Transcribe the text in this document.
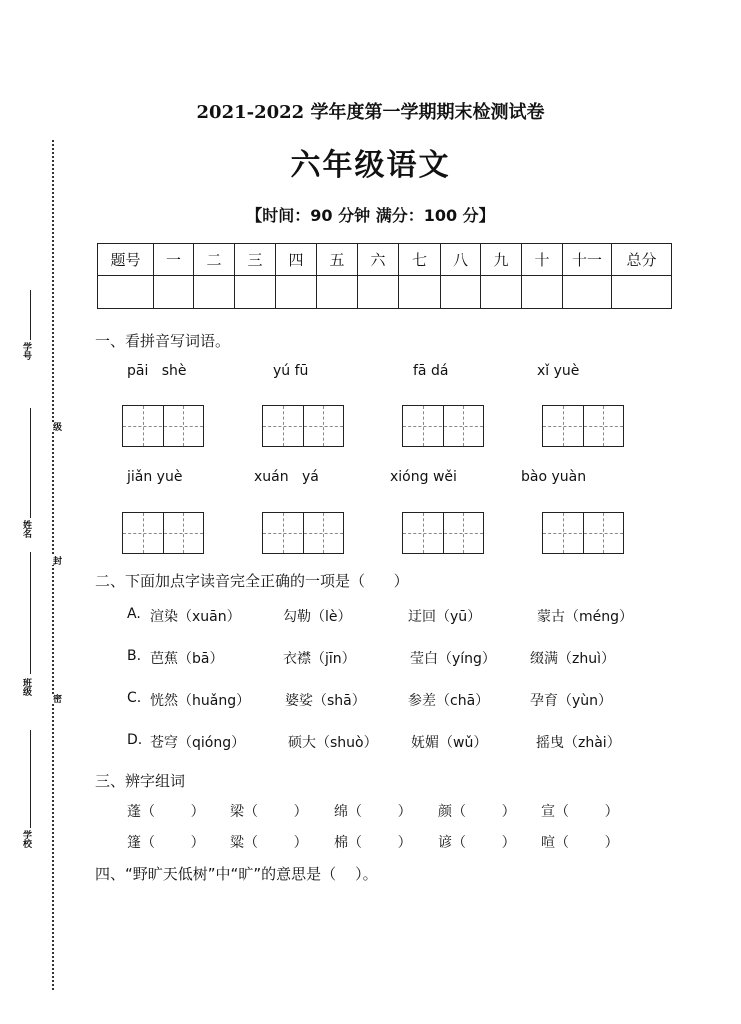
学号
姓名
班级
学校
级
封
密
2021-2022 学年度第一学期期末检测试卷
六年级语文
【时间：90 分钟 满分：100 分】
题号	一	二	三	四	五	六	七	八	九	十	十一	总分

一、看拼音写词语。
pāi   shè	yú fū	fā dá	xǐ yuè
jiǎn yuè	xuán   yá	xióng wěi	bào yuàn
二、下面加点字读音完全正确的一项是（      ）
A. 渲染（xuān）	勾勒（lè）	迂回（yū）	蒙古（méng）
B. 芭蕉（bā）	衣襟（jīn）	莹白（yíng） 缀满（zhuì）
C. 恍然（huǎng） 婆娑（shā）	参差（chā）	孕育（yùn）
D. 苍穹（qióng）	硕大（shuò） 妩媚（wǔ）	摇曳（zhài）
三、辨字组词
蓬（        ） 梁（        ） 绵（        ） 颜（        ） 宣（        ）
篷（        ） 粱（        ） 棉（        ） 谚（        ） 喧（        ）
四、“野旷天低树”中“旷”的意思是（    ）。
